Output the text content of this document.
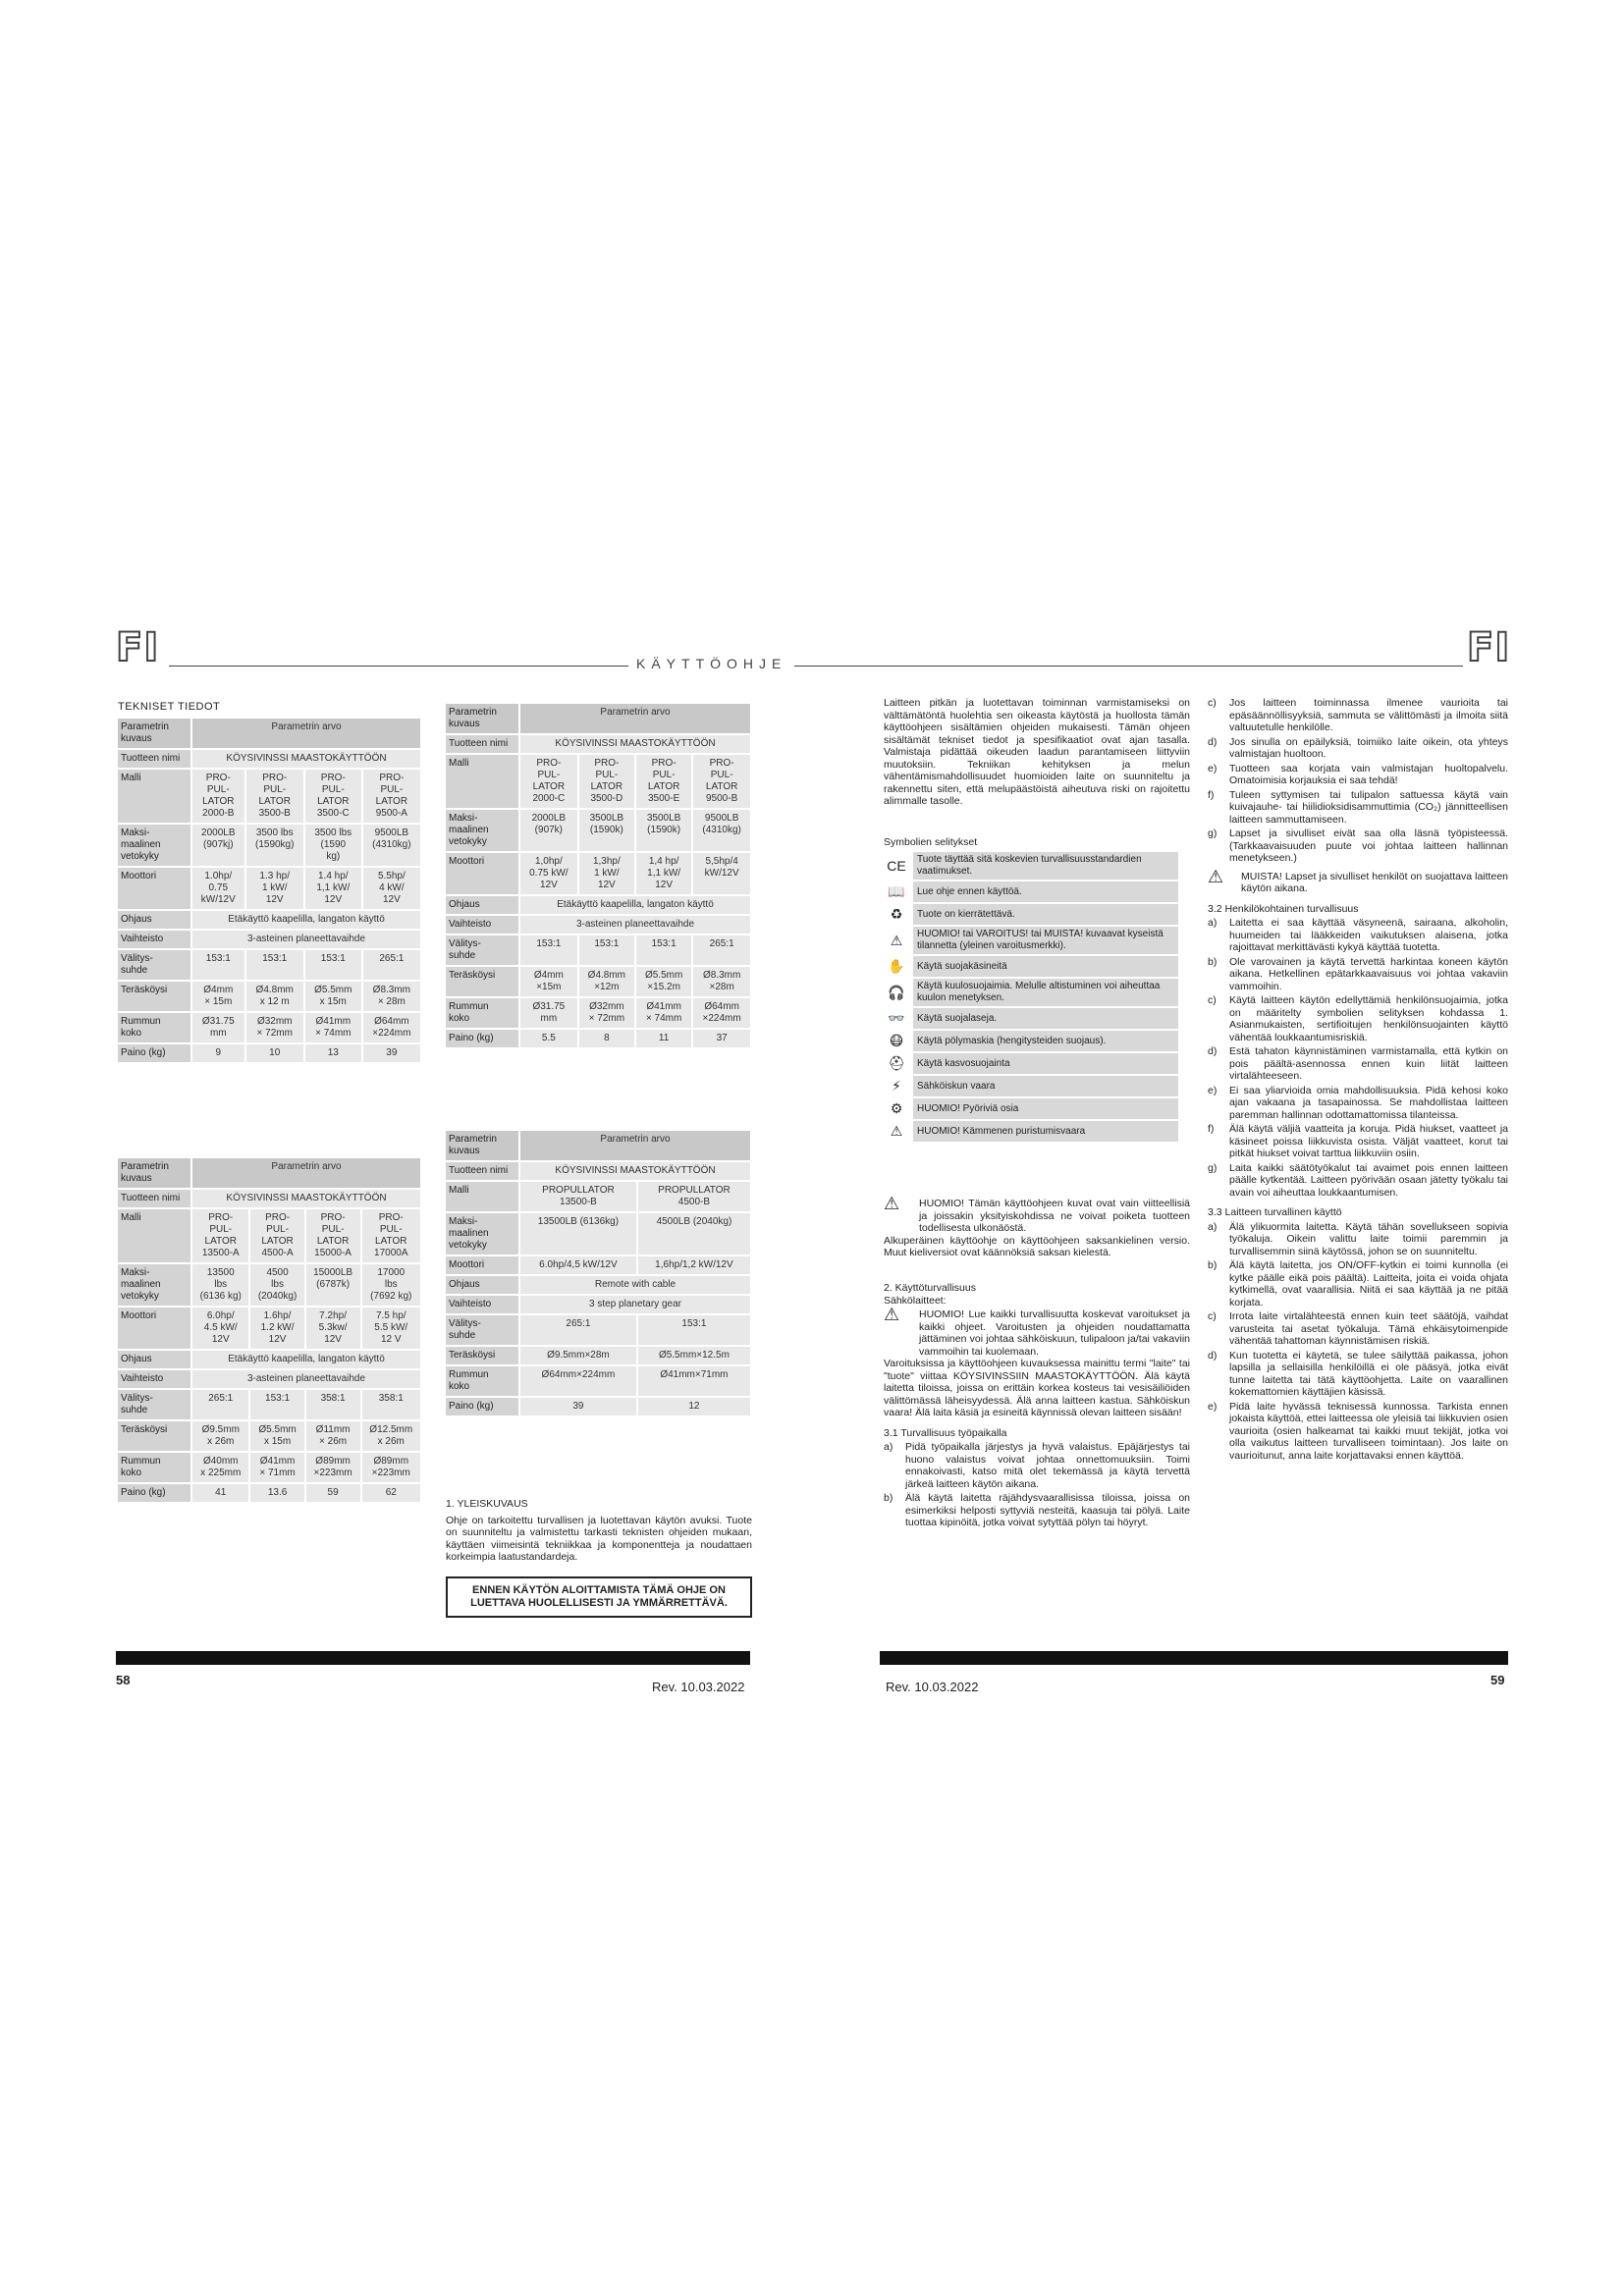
FI	FI
KÄYTTÖOHJE
TEKNISET TIEDOT
Parametrin kuvaus	Parametrin arvo			
Tuotteen nimi	KÖYSIVINSSI MAASTOKÄYTTÖÖN			
Malli	PRO-
PUL-
LATOR
2000-B	PRO-
PUL-
LATOR
3500-B	PRO-
PUL-
LATOR
3500-C	PRO-
PUL-
LATOR
9500-A
Maksi-
maalinen
vetokyky	2000LB
(907kj)	3500 lbs
(1590kg)	3500 lbs
(1590
kg)	9500LB
(4310kg)
Moottori	1.0hp/
0.75
kW/12V	1.3 hp/
1 kW/
12V	1.4 hp/
1,1 kW/
12V	5.5hp/
4 kW/
12V
Ohjaus	Etäkäyttö kaapelilla, langaton käyttö			
Vaihteisto	3-asteinen planeettavaihde			
Välitys-
suhde	153:1	153:1	153:1	265:1
Teräsköysi	Ø4mm
× 15m	Ø4.8mm
x 12 m	Ø5.5mm
x 15m	Ø8.3mm
× 28m
Rummun
koko	Ø31.75
mm	Ø32mm
× 72mm	Ø41mm
× 74mm	Ø64mm
×224mm
Paino (kg)	9	10	13	39
Parametrin kuvaus	Parametrin arvo			
Tuotteen nimi	KÖYSIVINSSI MAASTOKÄYTTÖÖN			
Malli	PRO-
PUL-
LATOR
13500-A	PRO-
PUL-
LATOR
4500-A	PRO-
PUL-
LATOR
15000-A	PRO-
PUL-
LATOR
17000A
Maksi-
maalinen
vetokyky	13500
lbs
(6136 kg)	4500
lbs
(2040kg)	15000LB
(6787k)	17000
lbs
(7692 kg)
Moottori	6.0hp/
4.5 kW/
12V	1.6hp/
1.2 kW/
12V	7.2hp/
5.3kw/
12V	7.5 hp/
5.5 kW/
12 V
Ohjaus	Etäkäyttö kaapelilla, langaton käyttö			
Vaihteisto	3-asteinen planeettavaihde			
Välitys-
suhde	265:1	153:1	358:1	358:1
Teräsköysi	Ø9.5mm
x 26m	Ø5.5mm
x 15m	Ø11mm
× 26m	Ø12.5mm
x 26m
Rummun
koko	Ø40mm
x 225mm	Ø41mm
× 71mm	Ø89mm
×223mm	Ø89mm
×223mm
Paino (kg)	41	13.6	59	62
Parametrin kuvaus	Parametrin arvo			
Tuotteen nimi	KÖYSIVINSSI MAASTOKÄYTTÖÖN			
Malli	PRO-
PUL-
LATOR
2000-C	PRO-
PUL-
LATOR
3500-D	PRO-
PUL-
LATOR
3500-E	PRO-
PUL-
LATOR
9500-B
Maksi-
maalinen
vetokyky	2000LB
(907k)	3500LB
(1590k)	3500LB
(1590k)	9500LB
(4310kg)
Moottori	1,0hp/
0.75 kW/
12V	1,3hp/
1 kW/
12V	1,4 hp/
1,1 kW/
12V	5,5hp/4
kW/12V
Ohjaus	Etäkäyttö kaapelilla, langaton käyttö			
Vaihteisto	3-asteinen planeettavaihde			
Välitys-
suhde	153:1	153:1	153:1	265:1
Teräsköysi	Ø4mm
×15m	Ø4.8mm
×12m	Ø5.5mm
×15.2m	Ø8.3mm
×28m
Rummun
koko	Ø31.75
mm	Ø32mm
× 72mm	Ø41mm
× 74mm	Ø64mm
×224mm
Paino (kg)	5.5	8	11	37
Parametrin kuvaus	Parametrin arvo	
Tuotteen nimi	KÖYSIVINSSI MAASTOKÄYTTÖÖN	
Malli	PROPULLATOR
13500-B	PROPULLATOR
4500-B
Maksi-
maalinen
vetokyky	13500LB (6136kg)	4500LB (2040kg)
Moottori	6.0hp/4,5 kW/12V	1,6hp/1,2 kW/12V
Ohjaus	Remote with cable	
Vaihteisto	3 step planetary gear	
Välitys-
suhde	265:1	153:1
Teräsköysi	Ø9.5mm×28m	Ø5.5mm×12.5m
Rummun
koko	Ø64mm×224mm	Ø41mm×71mm
Paino (kg)	39	12

1. YLEISKUVAUS

Ohje on tarkoitettu turvallisen ja luotettavan käytön avuksi. Tuote on suunniteltu ja valmistettu tarkasti teknisten ohjeiden mukaan, käyttäen viimeisintä tekniikkaa ja komponentteja ja noudattaen korkeimpia laatustandardeja.

ENNEN KÄYTÖN ALOITTAMISTA TÄMÄ OHJE ON LUETTAVA HUOLELLISESTI JA YMMÄRRETTÄVÄ.
Laitteen pitkän ja luotettavan toiminnan varmistamiseksi on välttämätöntä huolehtia sen oikeasta käytöstä ja huollosta tämän käyttöohjeen sisältämien ohjeiden mukaisesti. Tämän ohjeen sisältämät tekniset tiedot ja spesifikaatiot ovat ajan tasalla. Valmistaja pidättää oikeuden laadun parantamiseen liittyviin muutoksiin. Tekniikan kehityksen ja melun vähentämismahdollisuudet huomioiden laite on suunniteltu ja rakennettu siten, että melupäästöistä aiheutuva riski on rajoitettu alimmalle tasolle.
Symbolien selitykset
CE	Tuote täyttää sitä koskevien turvallisuusstandardien vaatimukset.
📖	Lue ohje ennen käyttöä.
♻	Tuote on kierrätettävä.
⚠	HUOMIO! tai VAROITUS! tai MUISTA! kuvaavat kyseistä tilannetta (yleinen varoitusmerkki).
✋	Käytä suojakäsineitä
🎧	Käytä kuulosuojaimia. Melulle altistuminen voi aiheuttaa kuulon menetyksen.
👓	Käytä suojalaseja.
😷	Käytä pölymaskia (hengitysteiden suojaus).
⛑	Käytä kasvosuojainta
⚡	Sähköiskun vaara
⚙	HUOMIO! Pyöriviä osia
⚠	HUOMIO! Kämmenen puristumisvaara
⚠	HUOMIO! Tämän käyttöohjeen kuvat ovat vain viitteellisiä ja joissakin yksityiskohdissa ne voivat poiketa tuotteen todellisesta ulkonäöstä.

Alkuperäinen käyttöohje on käyttöohjeen saksankielinen versio. Muut kieliversiot ovat käännöksiä saksan kielestä.

2. Käyttöturvallisuus

Sähkölaitteet:

⚠	HUOMIO! Lue kaikki turvallisuutta koskevat varoitukset ja kaikki ohjeet. Varoitusten ja ohjeiden noudattamatta jättäminen voi johtaa sähköiskuun, tulipaloon ja/tai vakaviin vammoihin tai kuolemaan.

Varoituksissa ja käyttöohjeen kuvauksessa mainittu termi "laite" tai "tuote" viittaa KÖYSIVINSSIIN MAASTOKÄYTTÖÖN. Älä käytä laitetta tiloissa, joissa on erittäin korkea kosteus tai vesisäiliöiden välittömässä läheisyydessä. Älä anna laitteen kastua. Sähköiskun vaara! Älä laita käsiä ja esineitä käynnissä olevan laitteen sisään!

3.1 Turvallisuus työpaikalla

a)	Pidä työpaikalla järjestys ja hyvä valaistus. Epäjärjestys tai huono valaistus voivat johtaa onnettomuuksiin. Toimi ennakoivasti, katso mitä olet tekemässä ja käytä tervettä järkeä laitteen käytön aikana.
b)	Älä käytä laitetta räjähdysvaarallisissa tiloissa, joissa on esimerkiksi helposti syttyviä nesteitä, kaasuja tai pölyä. Laite tuottaa kipinöitä, jotka voivat sytyttää pölyn tai höyryt.
c)	Jos laitteen toiminnassa ilmenee vaurioita tai epäsäännöllisyyksiä, sammuta se välittömästi ja ilmoita siitä valtuutetulle henkilölle.
d)	Jos sinulla on epäilyksiä, toimiiko laite oikein, ota yhteys valmistajan huoltoon.
e)	Tuotteen saa korjata vain valmistajan huoltopalvelu. Omatoimisia korjauksia ei saa tehdä!
f)	Tuleen syttymisen tai tulipalon sattuessa käytä vain kuivajauhe- tai hiilidioksidisammuttimia (CO₂) jännitteellisen laitteen sammuttamiseen.
g)	Lapset ja sivulliset eivät saa olla läsnä työpisteessä. (Tarkkaavaisuuden puute voi johtaa laitteen hallinnan menetykseen.)
⚠	MUISTA! Lapset ja sivulliset henkilöt on suojattava laitteen käytön aikana.

3.2 Henkilökohtainen turvallisuus

a)	Laitetta ei saa käyttää väsyneenä, sairaana, alkoholin, huumeiden tai lääkkeiden vaikutuksen alaisena, jotka rajoittavat merkittävästi kykyä käyttää tuotetta.
b)	Ole varovainen ja käytä tervettä harkintaa koneen käytön aikana. Hetkellinen epätarkkaavaisuus voi johtaa vakaviin vammoihin.
c)	Käytä laitteen käytön edellyttämiä henkilönsuojaimia, jotka on määritelty symbolien selityksen kohdassa 1. Asianmukaisten, sertifioitujen henkilönsuojainten käyttö vähentää loukkaantumisriskiä.
d)	Estä tahaton käynnistäminen varmistamalla, että kytkin on pois päältä-asennossa ennen kuin liität laitteen virtalähteeseen.
e)	Ei saa yliarvioida omia mahdollisuuksia. Pidä kehosi koko ajan vakaana ja tasapainossa. Se mahdollistaa laitteen paremman hallinnan odottamattomissa tilanteissa.
f)	Älä käytä väljiä vaatteita ja koruja. Pidä hiukset, vaatteet ja käsineet poissa liikkuvista osista. Väljät vaatteet, korut tai pitkät hiukset voivat tarttua liikkuviin osiin.
g)	Laita kaikki säätötyökalut tai avaimet pois ennen laitteen päälle kytkentää. Laitteen pyörivään osaan jätetty työkalu tai avain voi aiheuttaa loukkaantumisen.

3.3 Laitteen turvallinen käyttö

a)	Älä ylikuormita laitetta. Käytä tähän sovellukseen sopivia työkaluja. Oikein valittu laite toimii paremmin ja turvallisemmin siinä käytössä, johon se on suunniteltu.
b)	Älä käytä laitetta, jos ON/OFF-kytkin ei toimi kunnolla (ei kytke päälle eikä pois päältä). Laitteita, joita ei voida ohjata kytkimellä, ovat vaarallisia. Niitä ei saa käyttää ja ne pitää korjata.
c)	Irrota laite virtalähteestä ennen kuin teet säätöjä, vaihdat varusteita tai asetat työkalujа. Tämä ehkäisytoimenpide vähentää tahattoman käynnistämisen riskiä.
d)	Kun tuotetta ei käytetä, se tulee säilyttää paikassa, johon lapsilla ja sellaisilla henkilöillä ei ole pääsyä, jotka eivät tunne laitetta tai tätä käyttöohjetta. Laite on vaarallinen kokemattomien käyttäjien käsissä.
e)	Pidä laite hyvässä teknisessä kunnossa. Tarkista ennen jokaista käyttöä, ettei laitteessa ole yleisiä tai liikkuvien osien vaurioita (osien halkeamat tai kaikki muut tekijät, jotka voi olla vaikutus laitteen turvalliseen toimintaan). Jos laite on vaurioitunut, anna laite korjattavaksi ennen käyttöä.
58	Rev. 10.03.2022	Rev. 10.03.2022	59
